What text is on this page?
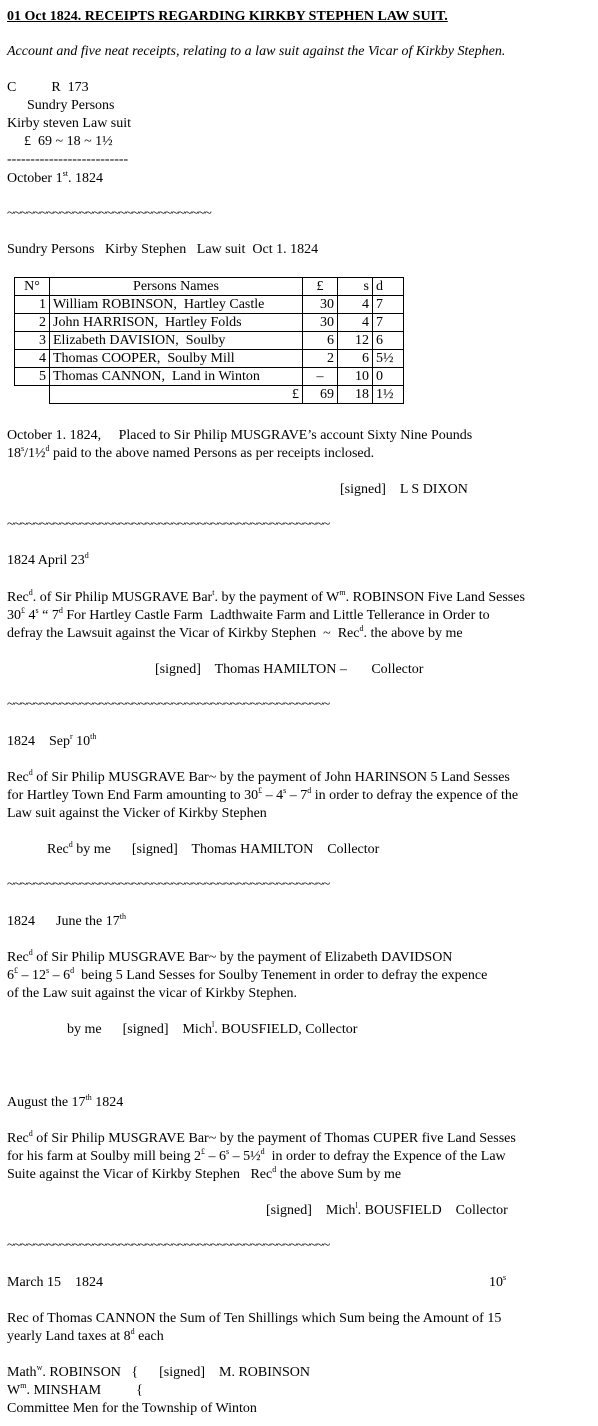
01 Oct 1824. RECEIPTS REGARDING KIRKBY STEPHEN LAW SUIT.
Account and five neat receipts, relating to a law suit against the Vicar of Kirkby Stephen.
C          R  173
Sundry Persons
Kirby steven Law suit
£  69 ~ 18 ~ 1½
--------------------------
October 1st. 1824
~~~~~~~~~~~~~~~~~~~~~~~~~~~~~~~
Sundry Persons   Kirby Stephen   Law suit  Oct 1. 1824
N°	Persons Names	£	s	d
1	William ROBINSON,  Hartley Castle	30	4	7
2	John HARRISON,  Hartley Folds	30	4	7
3	Elizabeth DAVISION,  Soulby	6	12	6
4	Thomas COOPER,  Soulby Mill	2	6	5½
5	Thomas CANNON,  Land in Winton	–	10	0
	£	69	18	1½
October 1. 1824,     Placed to Sir Philip MUSGRAVE’s account Sixty Nine Pounds
18$^s$/1½$^d$ paid to the above named Persons as per receipts inclosed.
[signed]    L S DIXON
~~~~~~~~~~~~~~~~~~~~~~~~~~~~~~~~~~~~~~~~~~~~~~~~~
1824 April 23$^d$
Rec$^d$. of Sir Philip MUSGRAVE Bar$^t$. by the payment of $W^m$. ROBINSON Five Land Sesses
30£ 4$^s$ “ 7$^d$ For Hartley Castle Farm  Ladthwaite Farm and Little Tellerance in Order to
defray the Lawsuit against the Vicar of Kirkby Stephen  ~  Rec$^d$. the above by me
[signed]    Thomas HAMILTON –       Collector
~~~~~~~~~~~~~~~~~~~~~~~~~~~~~~~~~~~~~~~~~~~~~~~~~
1824    Sep$^r$ 10th
Rec$^d$ of Sir Philip MUSGRAVE Bar~ by the payment of John HARINSON 5 Land Sesses
for Hartley Town End Farm amounting to 30£ – 4$^s$ – 7$^d$ in order to defray the expence of the
Law suit against the Vicker of Kirkby Stephen
Rec$^d$ by me      [signed]    Thomas HAMILTON    Collector
~~~~~~~~~~~~~~~~~~~~~~~~~~~~~~~~~~~~~~~~~~~~~~~~~
1824      June the 17th
Rec$^d$ of Sir Philip MUSGRAVE Bar~ by the payment of Elizabeth DAVIDSON
6£ – 12$^s$ – 6$^d$  being 5 Land Sesses for Soulby Tenement in order to defray the expence
of the Law suit against the vicar of Kirkby Stephen.
by me      [signed]    Mich$^l$. BOUSFIELD, Collector
August the 17th 1824
Rec$^d$ of Sir Philip MUSGRAVE Bar~ by the payment of Thomas CUPER five Land Sesses
for his farm at Soulby mill being 2£ – 6$^s$ – 5½$^d$  in order to defray the Expence of the Law
Suite against the Vicar of Kirkby Stephen   Rec$^d$ the above Sum by me
[signed]    Mich$^l$. BOUSFIELD    Collector
~~~~~~~~~~~~~~~~~~~~~~~~~~~~~~~~~~~~~~~~~~~~~~~~~
March 15    1824	10$^s$
Rec of Thomas CANNON the Sum of Ten Shillings which Sum being the Amount of 15
yearly Land taxes at 8$^d$ each
Math$^w$. ROBINSON   {      [signed]    M. ROBINSON
$W^m$. MINSHAM          {
Committee Men for the Township of Winton
